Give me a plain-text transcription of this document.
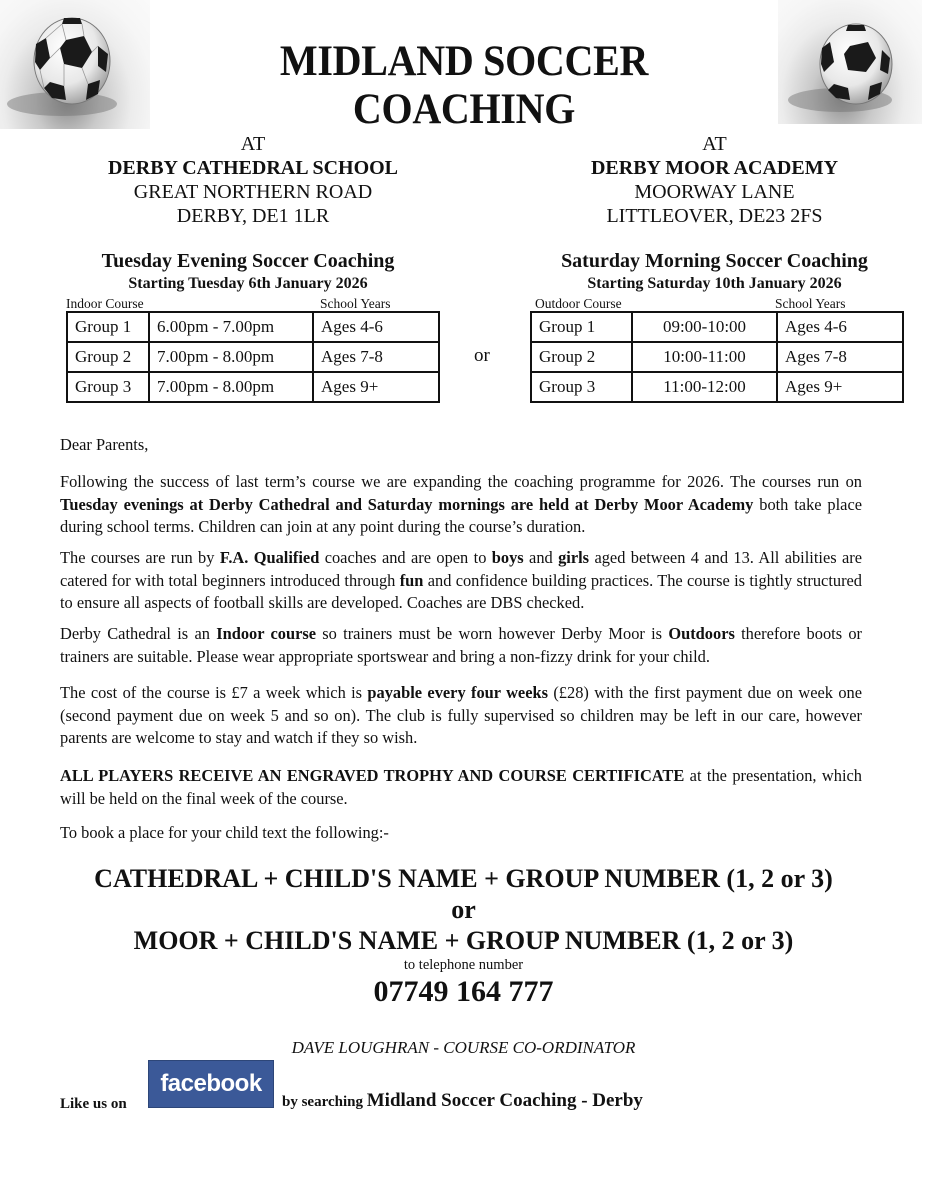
MIDLAND SOCCER COACHING
AT
DERBY CATHEDRAL SCHOOL
GREAT NORTHERN ROAD
DERBY, DE1 1LR
Tuesday Evening Soccer Coaching
Starting Tuesday 6th January 2026
Indoor Course	School Years
Group 1	6.00pm - 7.00pm	Ages 4-6
Group 2	7.00pm - 8.00pm	Ages 7-8
Group 3	7.00pm - 8.00pm	Ages 9+
or
AT
DERBY MOOR ACADEMY
MOORWAY LANE
LITTLEOVER, DE23 2FS
Saturday Morning Soccer Coaching
Starting Saturday 10th January 2026
Outdoor Course	School Years
Group 1	09:00-10:00	Ages 4-6
Group 2	10:00-11:00	Ages 7-8
Group 3	11:00-12:00	Ages 9+

Dear Parents,

Following the success of last term’s course we are expanding the coaching programme for 2026. The courses run on Tuesday evenings at Derby Cathedral and Saturday mornings are held at Derby Moor Academy both take place during school terms. Children can join at any point during the course’s duration.

The courses are run by F.A. Qualified coaches and are open to boys and girls aged between 4 and 13. All abilities are catered for with total beginners introduced through fun and confidence building practices. The course is tightly structured to ensure all aspects of football skills are developed. Coaches are DBS checked.

Derby Cathedral is an Indoor course so trainers must be worn however Derby Moor is Outdoors therefore boots or trainers are suitable. Please wear appropriate sportswear and bring a non-fizzy drink for your child.

The cost of the course is £7 a week which is payable every four weeks (£28) with the first payment due on week one (second payment due on week 5 and so on). The club is fully supervised so children may be left in our care, however parents are welcome to stay and watch if they so wish.

ALL PLAYERS RECEIVE AN ENGRAVED TROPHY AND COURSE CERTIFICATE at the presentation, which will be held on the final week of the course.

To book a place for your child text the following:-

CATHEDRAL + CHILD'S NAME + GROUP NUMBER (1, 2 or 3)
or
MOOR + CHILD'S NAME + GROUP NUMBER (1, 2 or 3)
to telephone number
07749 164 777
DAVE LOUGHRAN - COURSE CO-ORDINATOR
Like us on
facebook
by searching Midland Soccer Coaching - Derby
